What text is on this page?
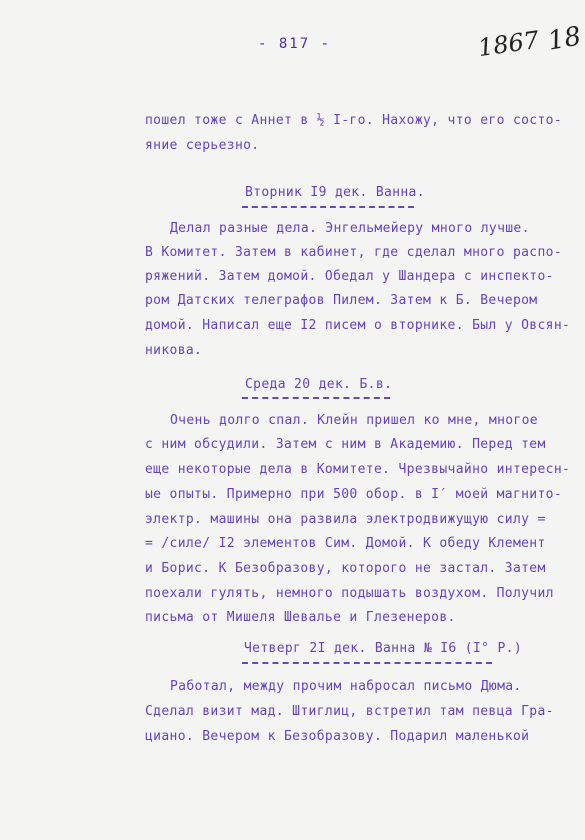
- 817 -	1867 18
пошел тоже с Аннет в ½ I-го. Нахожу, что его состо-
яние серьезно.
Вторник I9 дек. Ванна.
Делал разные дела. Энгельмейеру много лучше.
В Комитет. Затем в кабинет, где сделал много распо-
ряжений. Затем домой. Обедал у Шандера с инспекто-
ром Датских телеграфов Пилем. Затем к Б. Вечером
домой. Написал еще I2 писем о вторнике. Был у Овсян-
никова.
Среда 20 дек. Б.в.
Очень долго спал. Клейн пришел ко мне, многое
с ним обсудили. Затем с ним в Академию. Перед тем
еще некоторые дела в Комитете. Чрезвычайно интересн-
ые опыты. Примерно при 500 обор. в I′ моей магнито-
электр. машины она развила электродвижущую силу =
= /силе/ I2 элементов Сим. Домой. К обеду Клемент
и Борис. К Безобразову, которого не застал. Затем
поехали гулять, немного подышать воздухом. Получил
письма от Мишеля Шевалье и Глезенеров.
Четверг 2I дек. Ванна № I6 (I° Р.)
Работал, между прочим набросал письмо Дюма.
Сделал визит мад. Штиглиц, встретил там певца Гра-
циано. Вечером к Безобразову. Подарил маленькой
